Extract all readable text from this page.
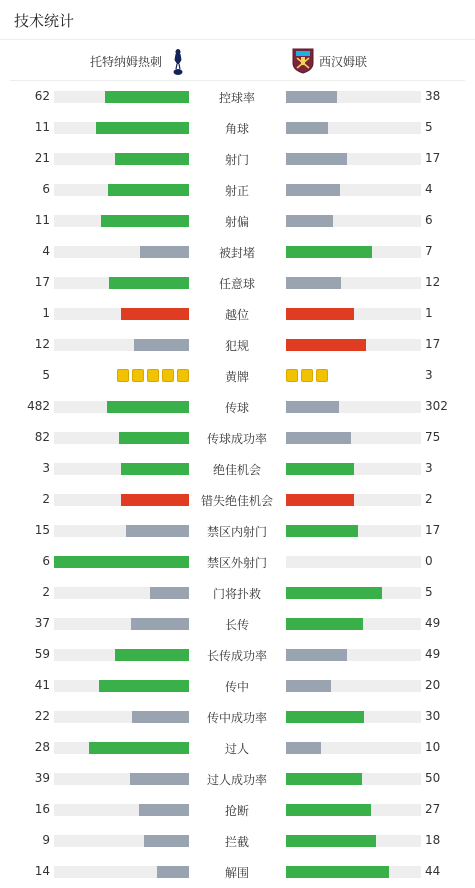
技术统计
托特纳姆热刺	西汉姆联
62	控球率	38
11	角球	5
21	射门	17
6	射正	4
11	射偏	6
4	被封堵	7
17	任意球	12
1	越位	1
12	犯规	17
5	黄牌	3
482	传球	302
82	传球成功率	75
3	绝佳机会	3
2	错失绝佳机会	2
15	禁区内射门	17
6	禁区外射门	0
2	门将扑救	5
37	长传	49
59	长传成功率	49
41	传中	20
22	传中成功率	30
28	过人	10
39	过人成功率	50
16	抢断	27
9	拦截	18
14	解围	44
